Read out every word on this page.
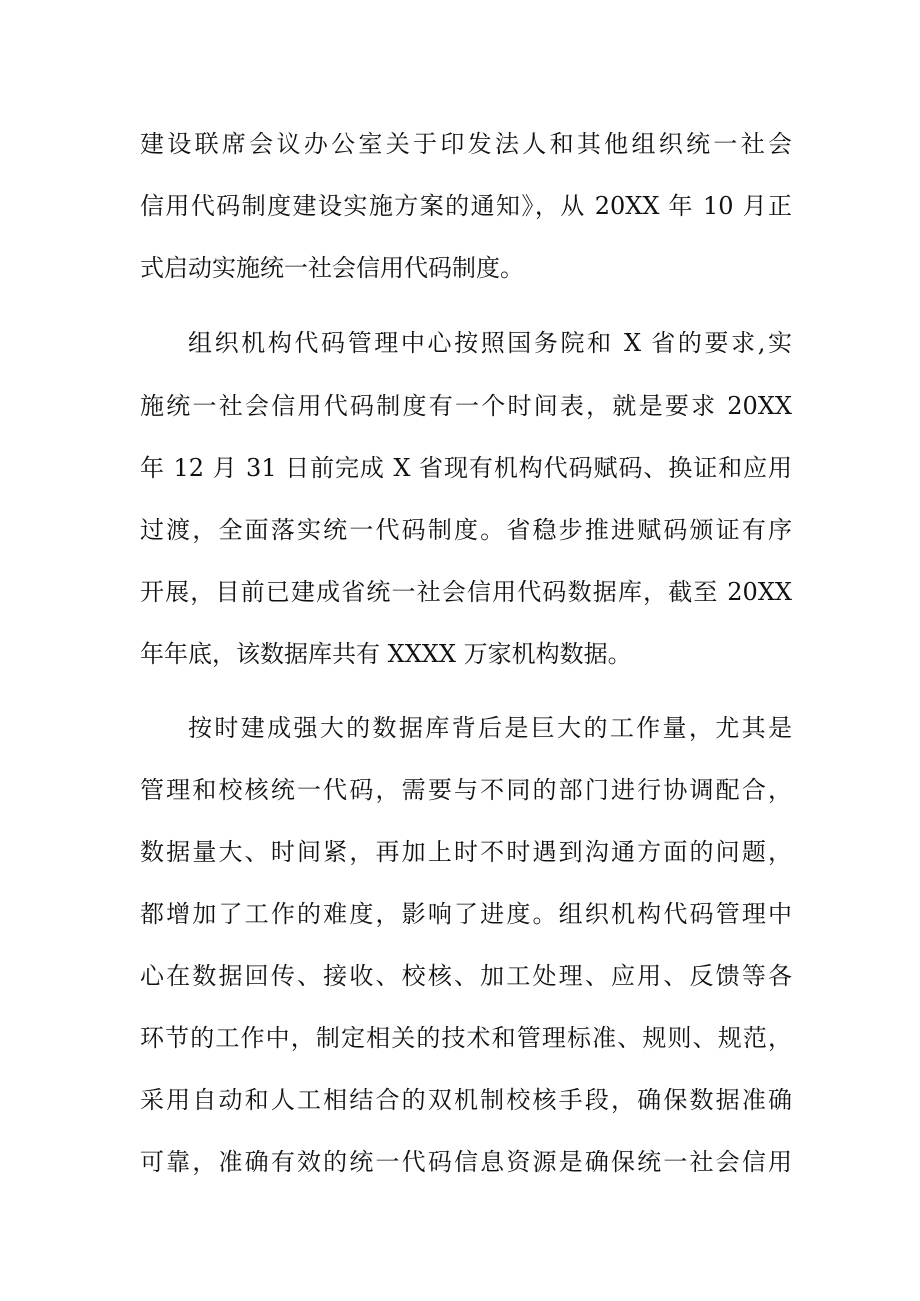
建设联席会议办公室关于印发法人和其他组织统一社会
信用代码制度建设实施方案的通知》，从 20XX 年 10 月正
式启动实施统一社会信用代码制度。
组织机构代码管理中心按照国务院和 X 省的要求,实
施统一社会信用代码制度有一个时间表，就是要求 20XX
年 12 月 31 日前完成 X 省现有机构代码赋码、换证和应用
过渡，全面落实统一代码制度。省稳步推进赋码颁证有序
开展，目前已建成省统一社会信用代码数据库，截至 20XX
年年底，该数据库共有 XXXX 万家机构数据。
按时建成强大的数据库背后是巨大的工作量，尤其是
管理和校核统一代码，需要与不同的部门进行协调配合，
数据量大、时间紧，再加上时不时遇到沟通方面的问题，
都增加了工作的难度，影响了进度。组织机构代码管理中
心在数据回传、接收、校核、加工处理、应用、反馈等各
环节的工作中，制定相关的技术和管理标准、规则、规范，
采用自动和人工相结合的双机制校核手段，确保数据准确
可靠，准确有效的统一代码信息资源是确保统一社会信用
